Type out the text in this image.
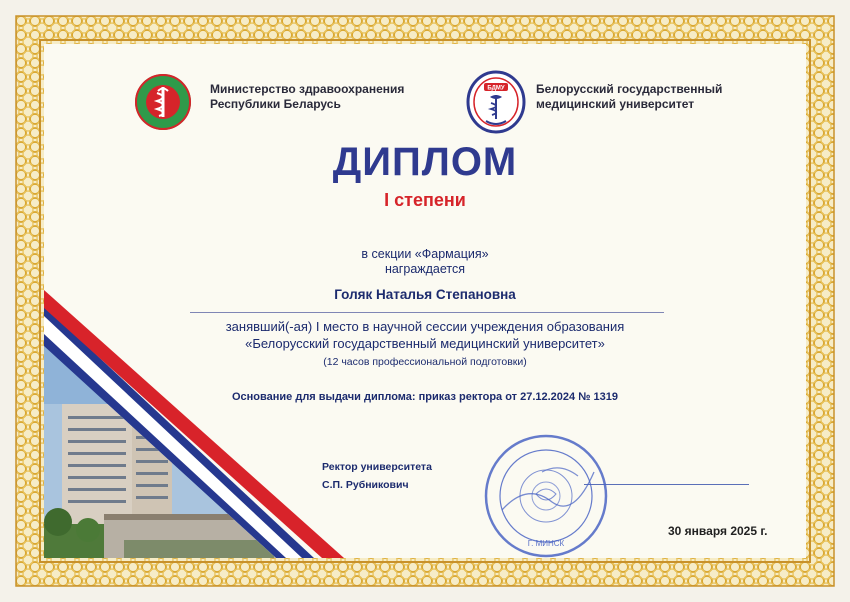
Министерство здравоохранения
Республики Беларусь
БДМУ	Белорусский государственный
медицинский университет
ДИПЛОМ
I степени
в секции «Фармация»
награждается
Голяк Наталья Степановна
занявший(-ая) I место в научной сессии учреждения образования
«Белорусский государственный медицинский университет»
(12 часов профессиональной подготовки)
Основание для выдачи диплома: приказ ректора от 27.12.2024 № 1319
Ректор университета
С.П. Рубникович
Г. МИНСК
30 января 2025 г.
